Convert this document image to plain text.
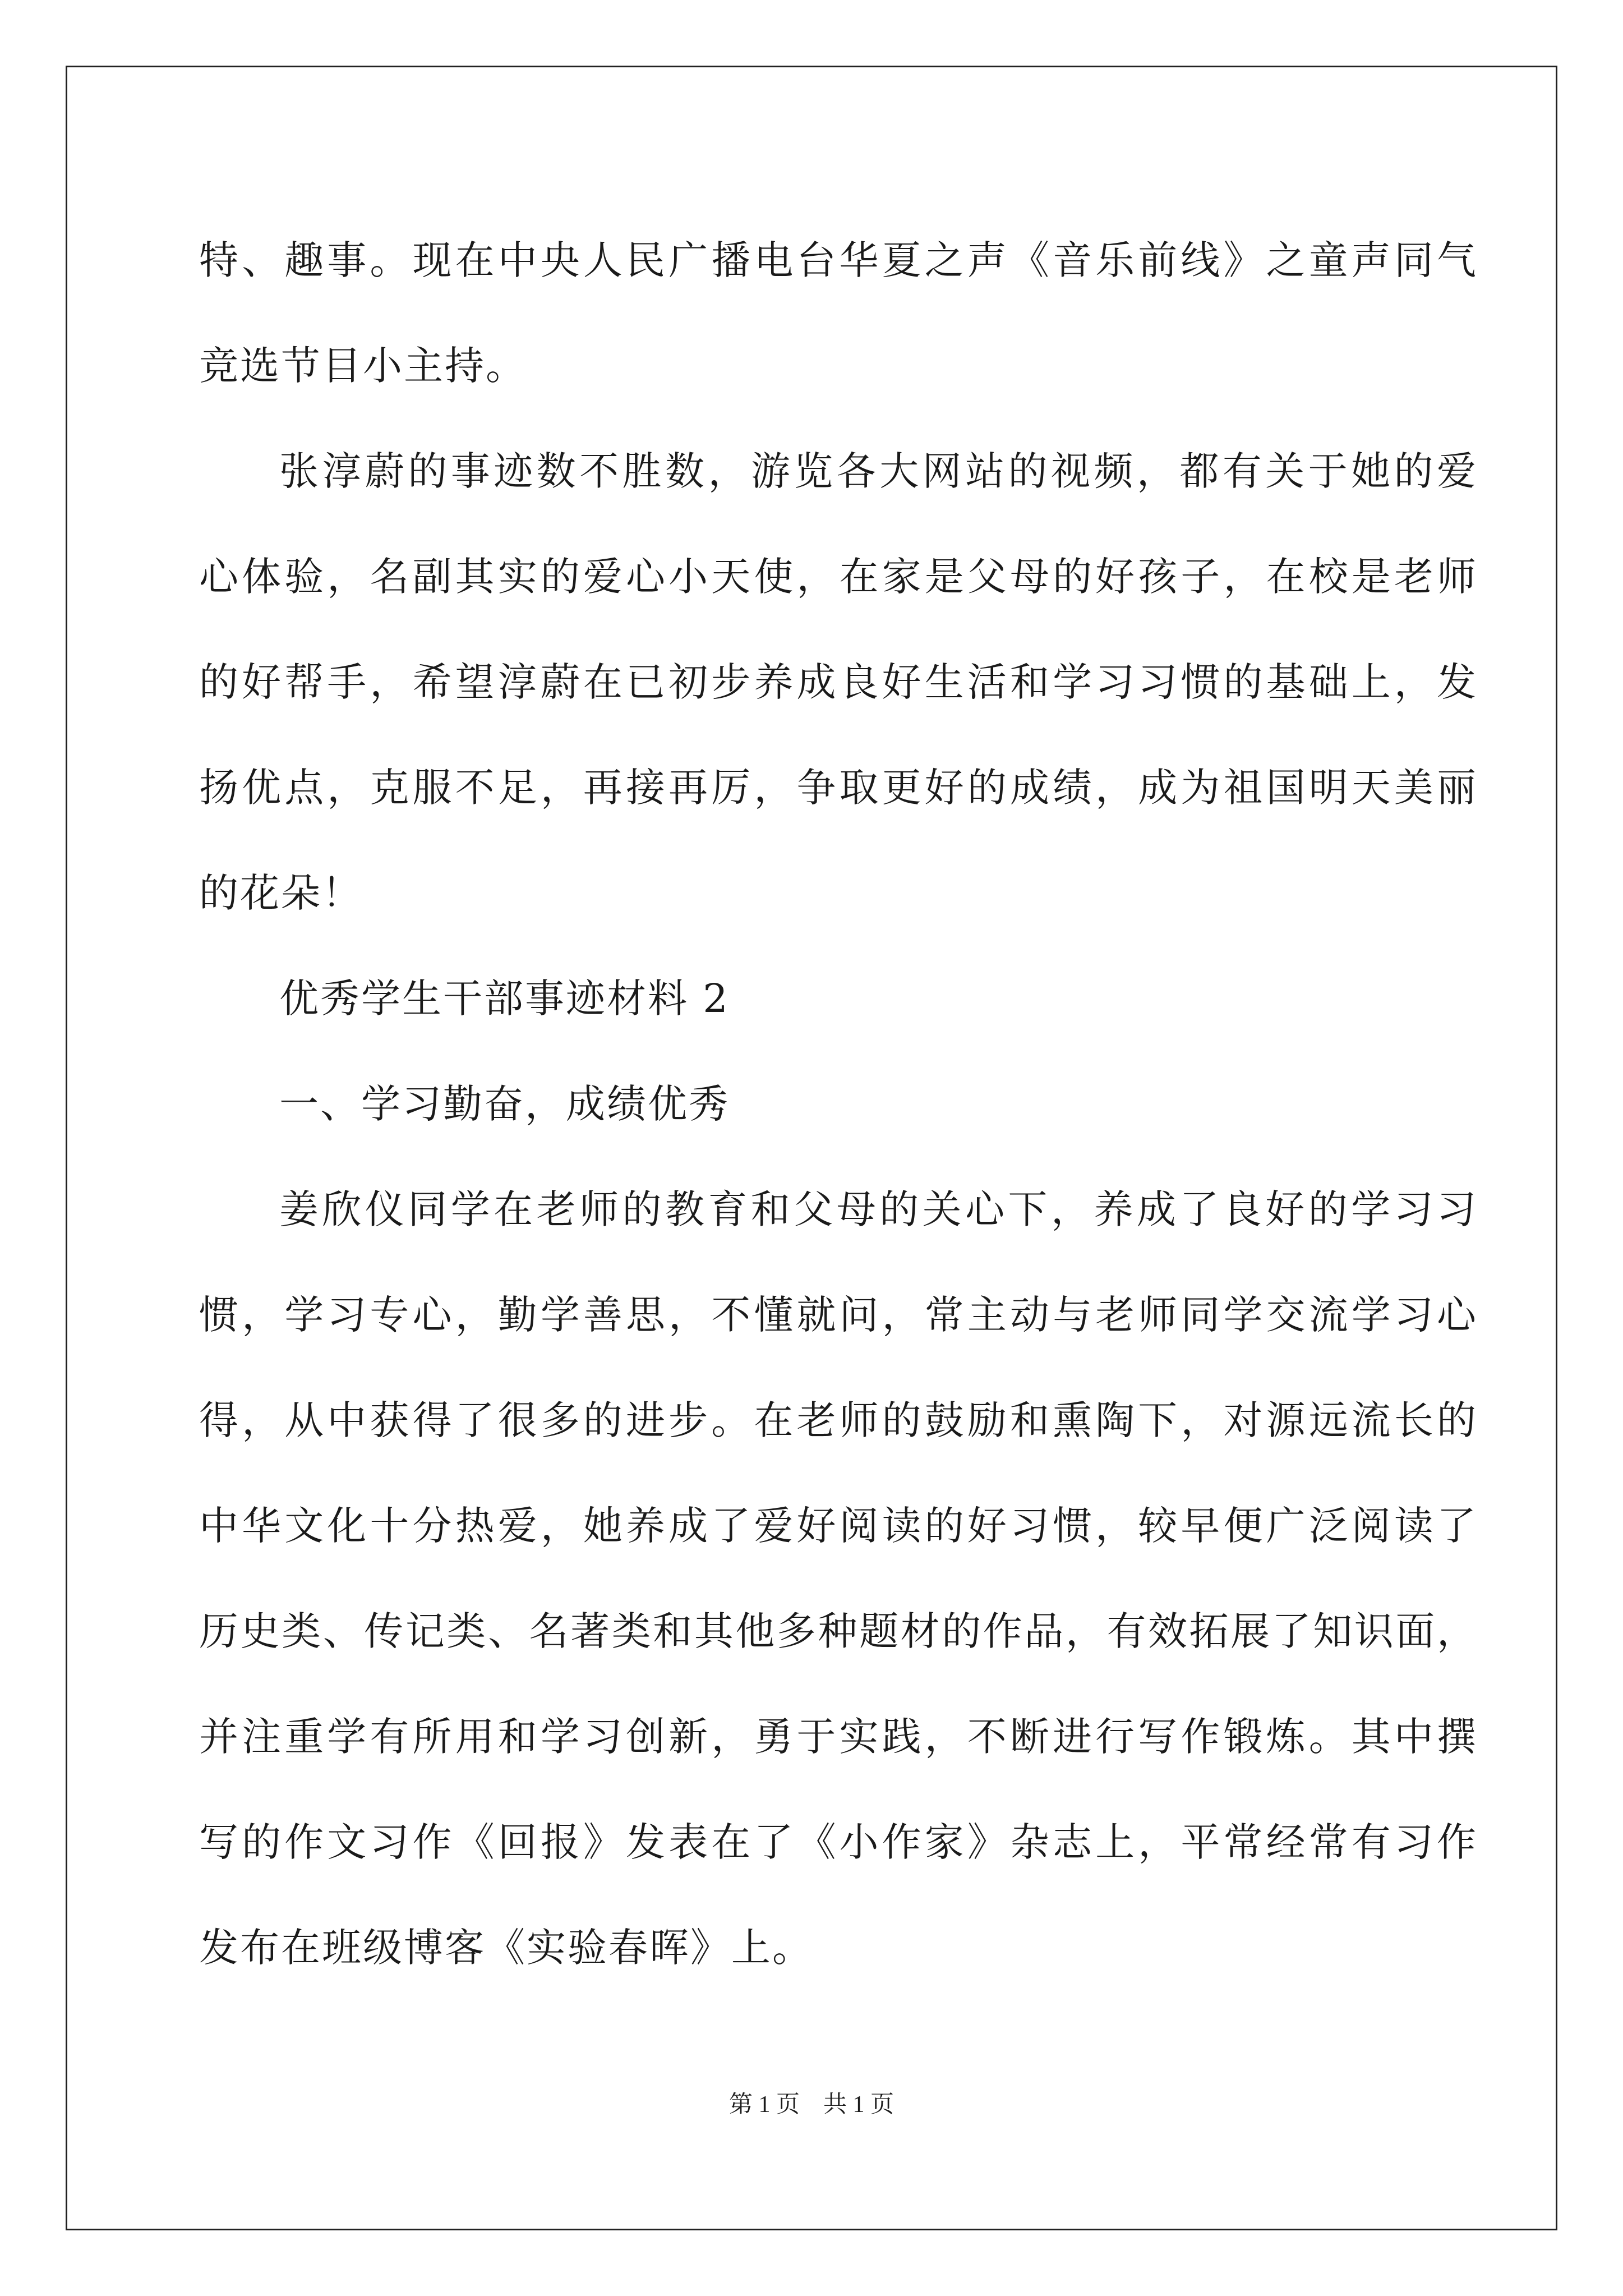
特、趣事。现在中央人民广播电台华夏之声《音乐前线》之童声同气
竞选节目小主持。
张淳蔚的事迹数不胜数，游览各大网站的视频，都有关于她的爱
心体验，名副其实的爱心小天使，在家是父母的好孩子，在校是老师
的好帮手，希望淳蔚在已初步养成良好生活和学习习惯的基础上，发
扬优点，克服不足，再接再厉，争取更好的成绩，成为祖国明天美丽
的花朵！
优秀学生干部事迹材料 2
一、学习勤奋，成绩优秀
姜欣仪同学在老师的教育和父母的关心下，养成了良好的学习习
惯，学习专心，勤学善思，不懂就问，常主动与老师同学交流学习心
得，从中获得了很多的进步。在老师的鼓励和熏陶下，对源远流长的
中华文化十分热爱，她养成了爱好阅读的好习惯，较早便广泛阅读了
历史类、传记类、名著类和其他多种题材的作品，有效拓展了知识面，
并注重学有所用和学习创新，勇于实践，不断进行写作锻炼。其中撰
写的作文习作《回报》发表在了《小作家》杂志上，平常经常有习作
发布在班级博客《实验春晖》上。
第 1 页　共 1 页
